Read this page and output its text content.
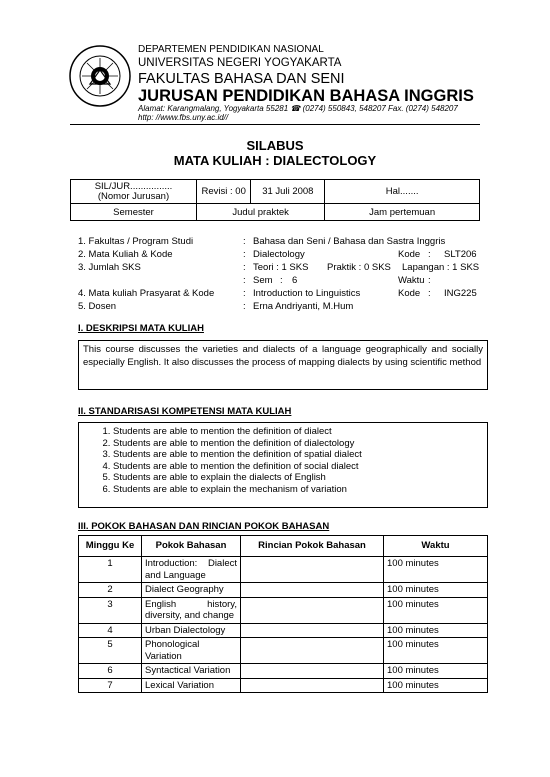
DEPARTEMEN PENDIDIKAN NASIONAL
UNIVERSITAS NEGERI YOGYAKARTA
FAKULTAS BAHASA DAN SENI
JURUSAN PENDIDIKAN BAHASA INGGRIS
Alamat: Karangmalang, Yogyakarta 55281 ☎ (0274) 550843, 548207 Fax. (0274) 548207
http: //www.fbs.uny.ac.id//
SILABUS
MATA KULIAH : DIALECTOLOGY
SIL/JUR................
(Nomor Jurusan)	Revisi : 00	31 Juli 2008	Hal.......
Semester	Judul praktek		Jam pertemuan
1. Fakultas / Program Studi	: Bahasa dan Seni / Bahasa dan Sastra Inggris
2. Mata Kuliah & Kode	: Dialectology	Kode : SLT206
3. Jumlah SKS	: Teori : 1 SKS Praktik : 0 SKS Lapangan : 1 SKS
: Sem : 6	Waktu :
4. Mata kuliah Prasyarat & Kode	: Introduction to Linguistics	Kode : ING225
5. Dosen	: Erna Andriyanti, M.Hum
I. DESKRIPSI MATA KULIAH
This course discusses the varieties and dialects of a language geographically and socially especially English. It also discusses the process of mapping dialects by using scientific method
II. STANDARISASI KOMPETENSI MATA KULIAH
1. Students are able to mention the definition of dialect
2. Students are able to mention the definition of dialectology
3. Students are able to mention the definition of spatial dialect
4. Students are able to mention the definition of social dialect
5. Students are able to explain the dialects of English
6. Students are able to explain the mechanism of variation
III. POKOK BAHASAN DAN RINCIAN POKOK BAHASAN
Minggu Ke	Pokok Bahasan	Rincian Pokok Bahasan	Waktu
1	Introduction: Dialect and Language		100 minutes
2	Dialect Geography		100 minutes
3	English history, diversity, and change		100 minutes
4	Urban Dialectology		100 minutes
5	Phonological Variation		100 minutes
6	Syntactical Variation		100 minutes
7	Lexical Variation		100 minutes
